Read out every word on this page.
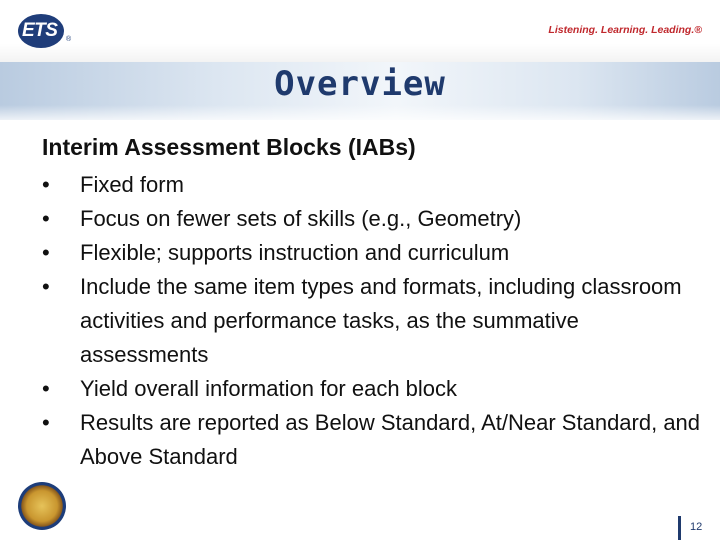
ETS ®
Listening. Learning. Leading.®
Overview
Interim Assessment Blocks (IABs)
• Fixed form
• Focus on fewer sets of skills (e.g., Geometry)
• Flexible; supports instruction and curriculum
• Include the same item types and formats, including classroom activities and performance tasks, as the summative assessments
• Yield overall information for each block
• Results are reported as Below Standard, At/Near Standard, and Above Standard
12
